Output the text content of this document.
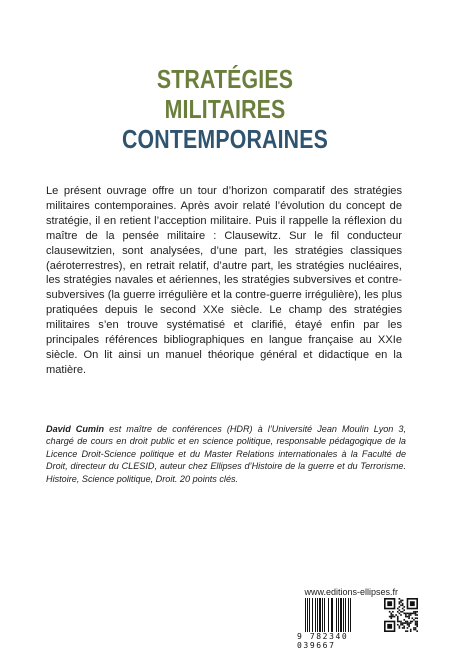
STRATÉGIES
MILITAIRES
CONTEMPORAINES
Le présent ouvrage offre un tour d’horizon comparatif des stratégies militaires contemporaines. Après avoir relaté l’évolution du concept de stratégie, il en retient l’acception militaire. Puis il rappelle la réflexion du maître de la pensée militaire : Clausewitz. Sur le fil conducteur clausewitzien, sont analysées, d’une part, les stratégies classiques (aéroterrestres), en retrait relatif, d’autre part, les stratégies nucléaires, les stratégies navales et aériennes, les stratégies subversives et contre-subversives (la guerre irrégulière et la contre-guerre irrégulière), les plus pratiquées depuis le second XXe siècle. Le champ des stratégies militaires s’en trouve systématisé et clarifié, étayé enfin par les principales références bibliographiques en langue française au XXIe siècle. On lit ainsi un manuel théorique général et didactique en la matière.
David Cumin est maître de conférences (HDR) à l’Université Jean Moulin Lyon 3, chargé de cours en droit public et en science politique, responsable pédagogique de la Licence Droit-Science politique et du Master Relations internationales à la Faculté de Droit, directeur du CLESID, auteur chez Ellipses d’Histoire de la guerre et du Terrorisme. Histoire, Science politique, Droit. 20 points clés.
www.editions-ellipses.fr
9 782340 039667
